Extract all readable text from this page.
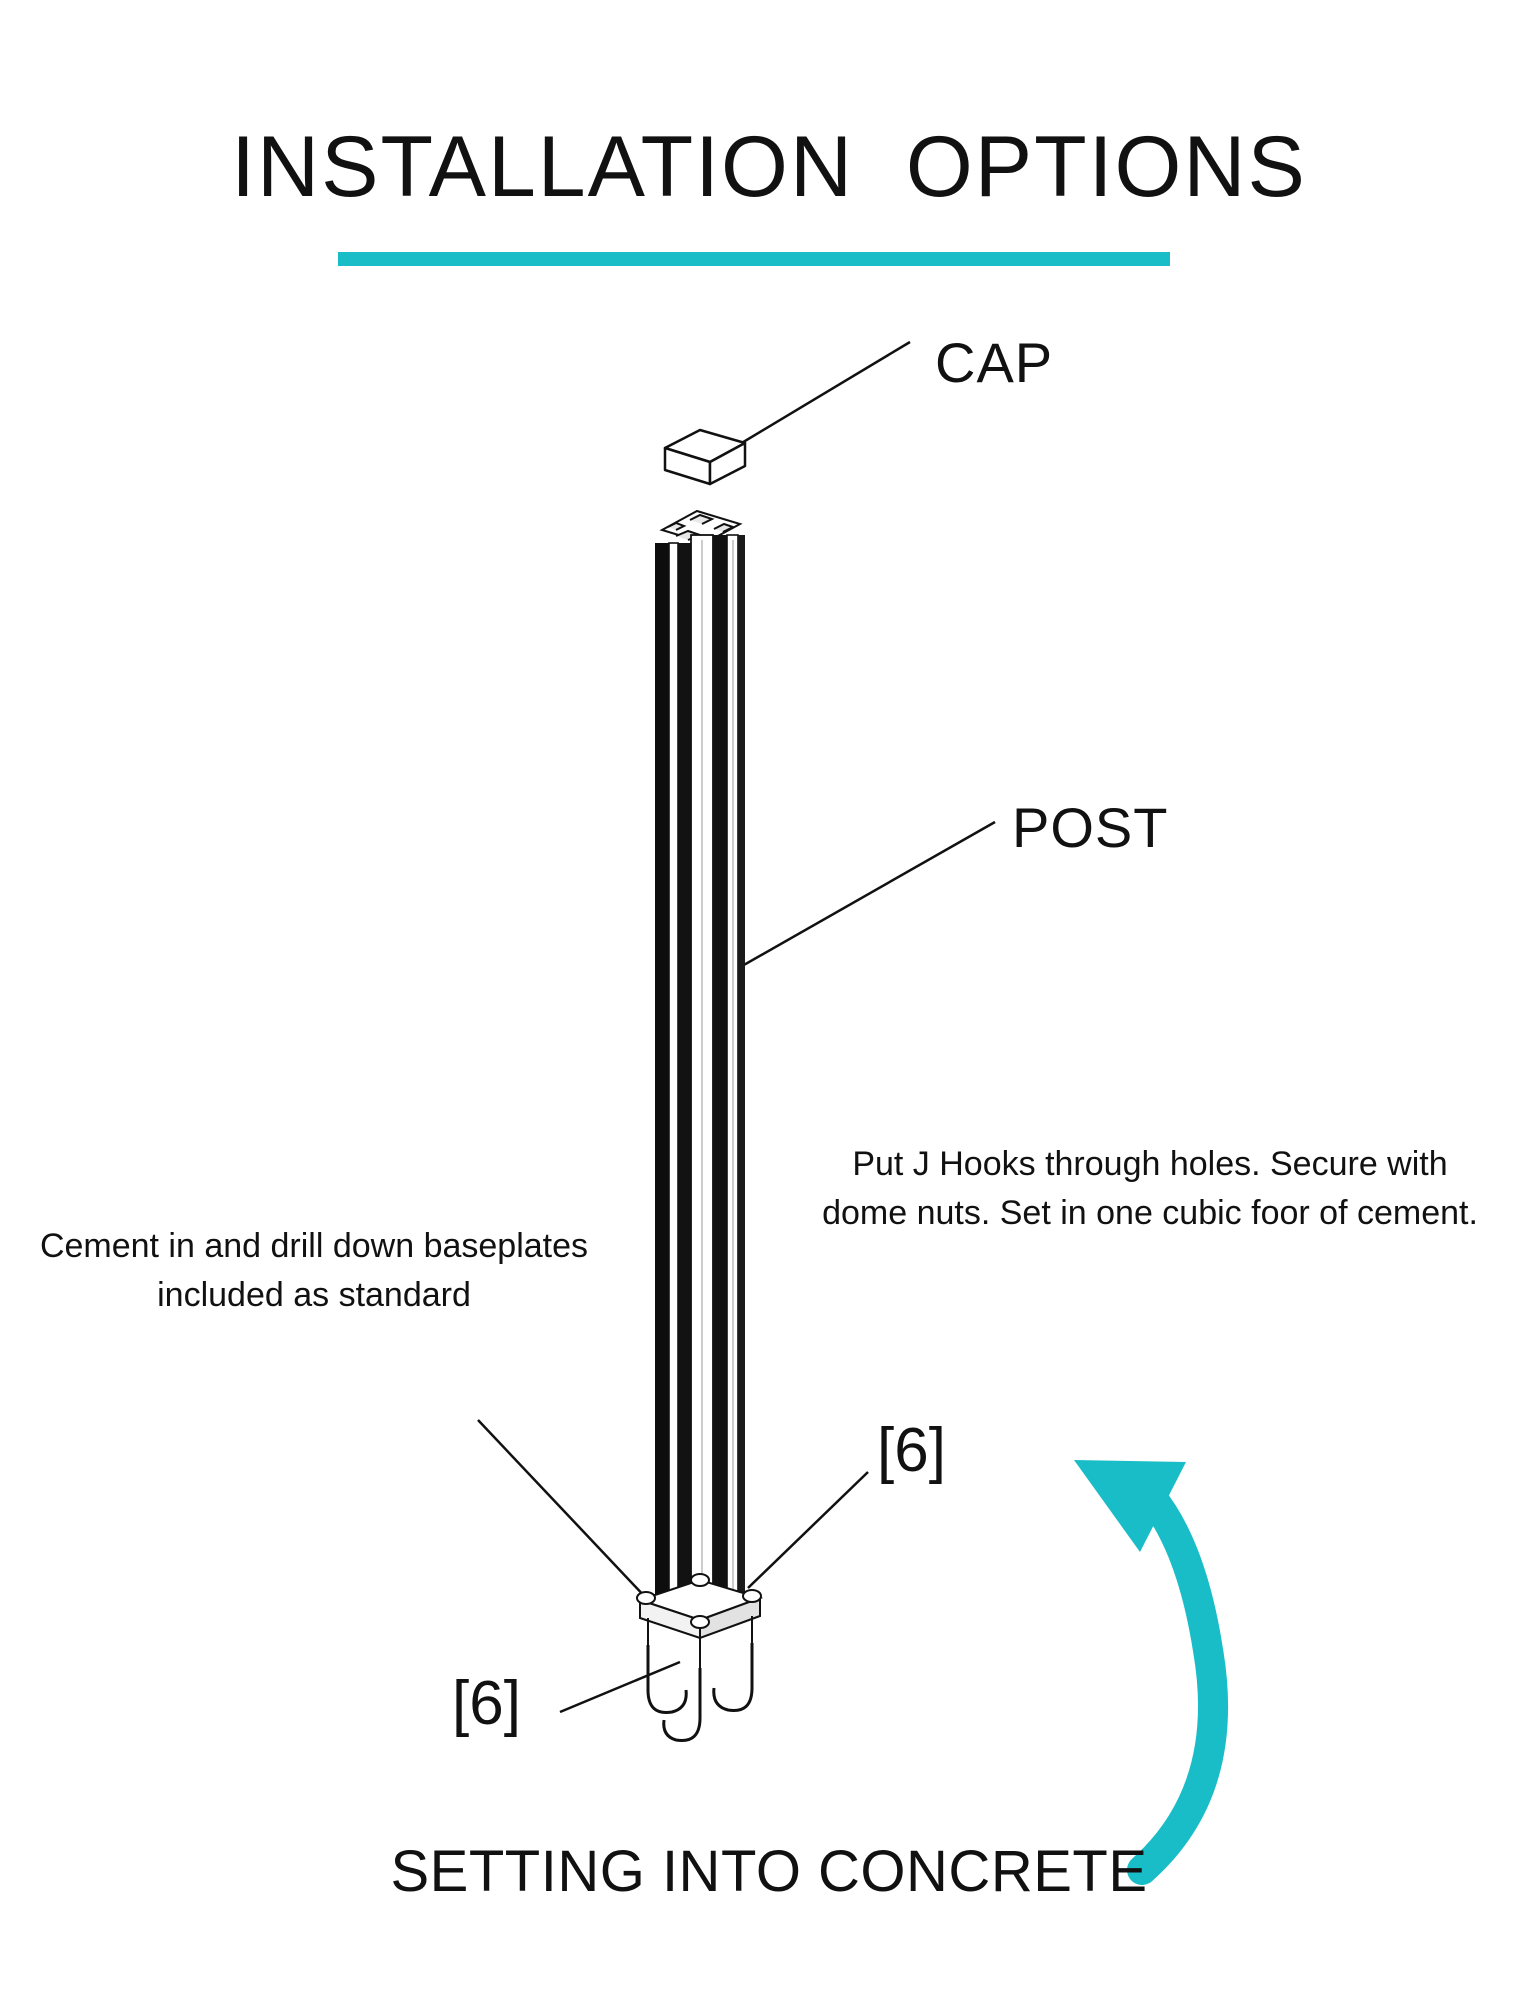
INSTALLATION  OPTIONS
CAP
POST
Cement in and drill down baseplates included as standard
Put J Hooks through holes. Secure with dome nuts. Set in one cubic foor of cement.
[6]
[6]
SETTING INTO CONCRETE
